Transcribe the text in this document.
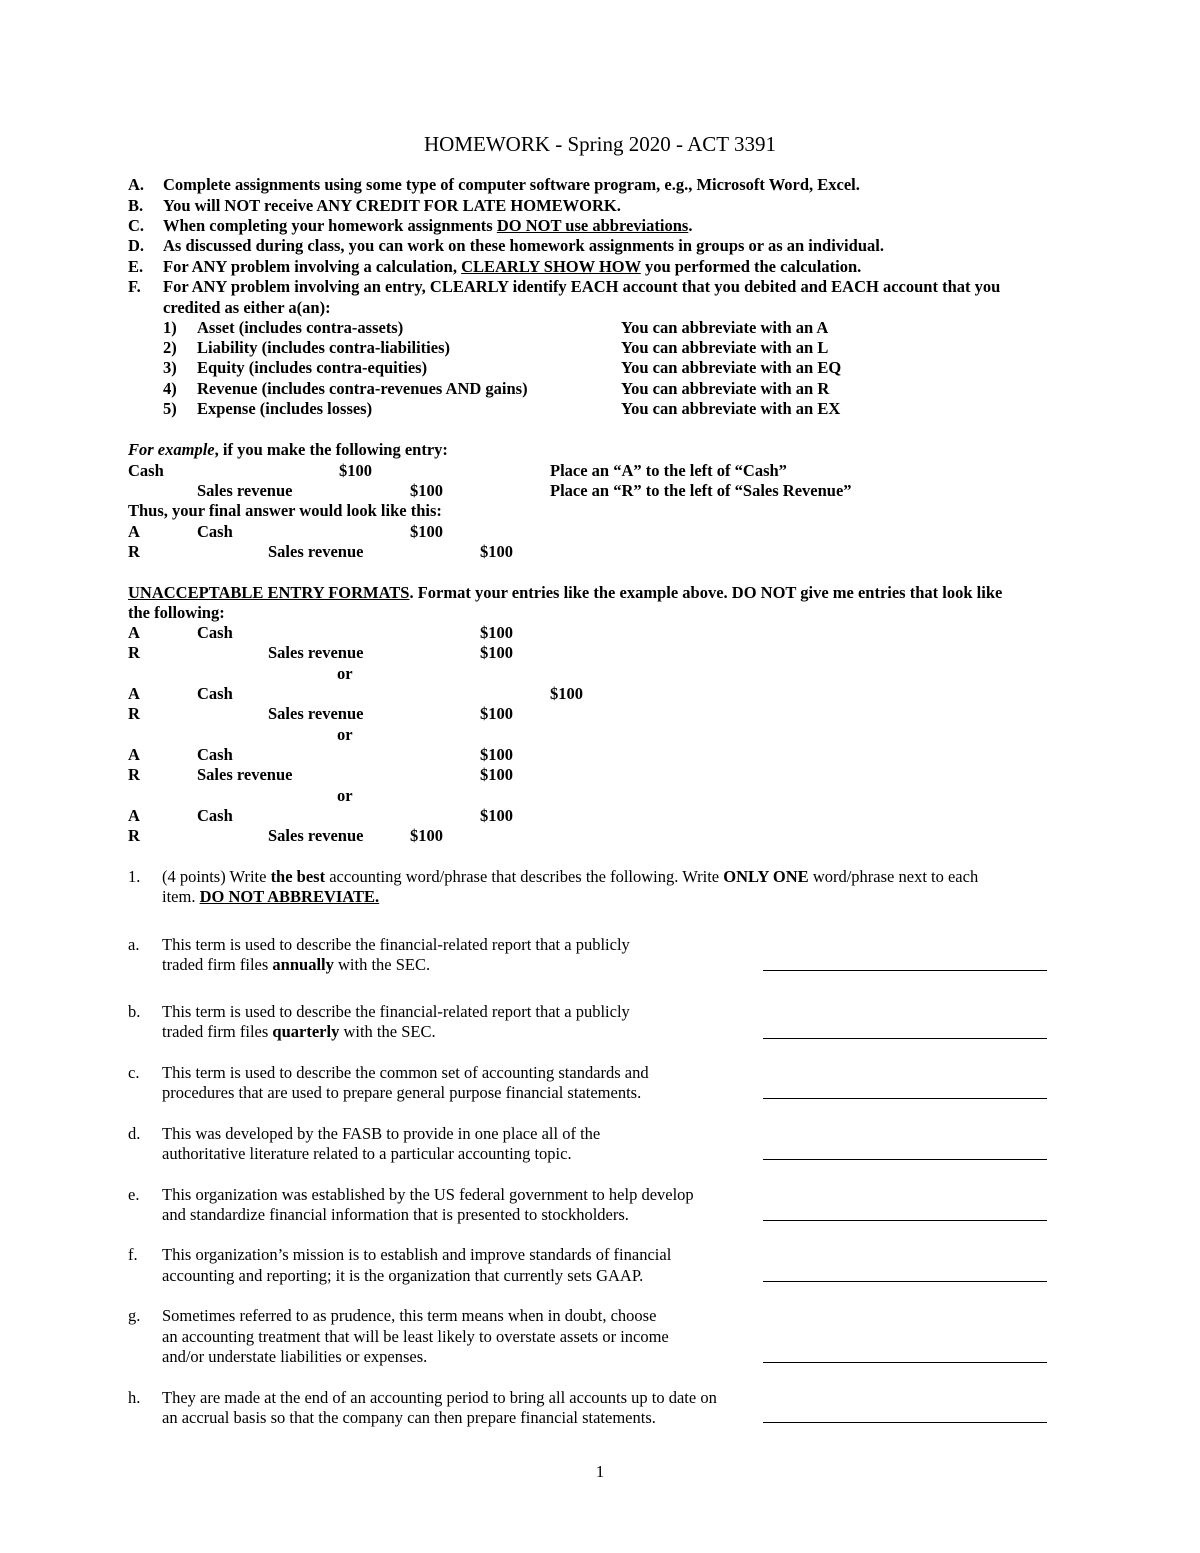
HOMEWORK - Spring 2020 - ACT 3391
A. Complete assignments using some type of computer software program, e.g., Microsoft Word, Excel.
B. You will NOT receive ANY CREDIT FOR LATE HOMEWORK.
C. When completing your homework assignments DO NOT use abbreviations.
D. As discussed during class, you can work on these homework assignments in groups or as an individual.
E. For ANY problem involving a calculation, CLEARLY SHOW HOW you performed the calculation.
F. For ANY problem involving an entry, CLEARLY identify EACH account that you debited and EACH account that you
credited as either a(an):
1) Asset (includes contra-assets)	You can abbreviate with an A
2) Liability (includes contra-liabilities)	You can abbreviate with an L
3) Equity (includes contra-equities)	You can abbreviate with an EQ
4) Revenue (includes contra-revenues AND gains)	You can abbreviate with an R
5) Expense (includes losses)	You can abbreviate with an EX
For example, if you make the following entry:
Cash	$100	Place an “A” to the left of “Cash”
Sales revenue	$100	Place an “R” to the left of “Sales Revenue”
Thus, your final answer would look like this:
A	Cash	$100
R	Sales revenue	$100
UNACCEPTABLE ENTRY FORMATS. Format your entries like the example above. DO NOT give me entries that look like
the following:
A	Cash	$100
R	Sales revenue	$100
or
A	Cash	$100
R	Sales revenue	$100
or
A	Cash	$100
R	Sales revenue	$100
or
A	Cash	$100
R	Sales revenue	$100
1. (4 points) Write the best accounting word/phrase that describes the following. Write ONLY ONE word/phrase next to each
item. DO NOT ABBREVIATE.
a. This term is used to describe the financial-related report that a publicly
traded firm files annually with the SEC.
b. This term is used to describe the financial-related report that a publicly
traded firm files quarterly with the SEC.
c. This term is used to describe the common set of accounting standards and
procedures that are used to prepare general purpose financial statements.
d. This was developed by the FASB to provide in one place all of the
authoritative literature related to a particular accounting topic.
e. This organization was established by the US federal government to help develop
and standardize financial information that is presented to stockholders.
f. This organization’s mission is to establish and improve standards of financial
accounting and reporting; it is the organization that currently sets GAAP.
g. Sometimes referred to as prudence, this term means when in doubt, choose
an accounting treatment that will be least likely to overstate assets or income
and/or understate liabilities or expenses.
h. They are made at the end of an accounting period to bring all accounts up to date on
an accrual basis so that the company can then prepare financial statements.
1
